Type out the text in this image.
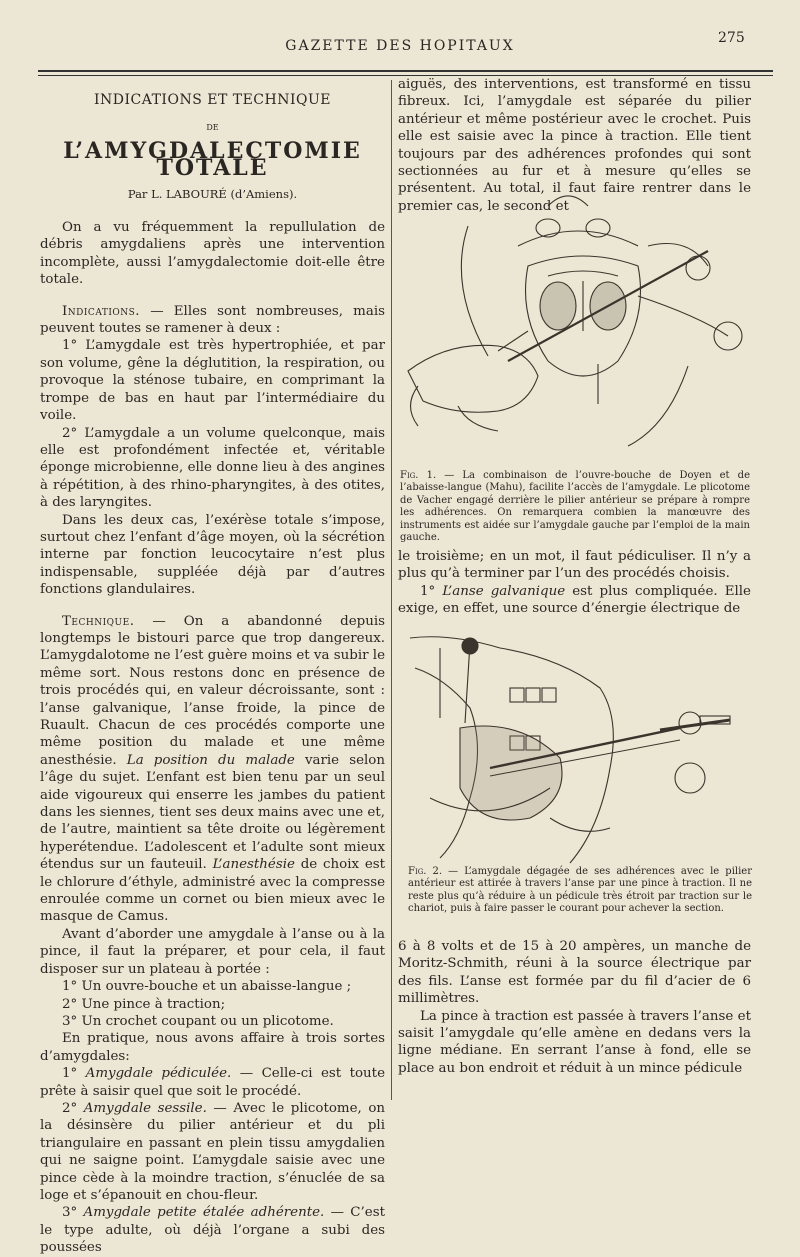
GAZETTE DES HOPITAUX	275

INDICATIONS ET TECHNIQUE

DE

L’AMYGDALECTOMIE TOTALE

Par L. LABOURÉ (d’Amiens).

On a vu fréquemment la repullulation de débris amygdaliens après une intervention incomplète, aussi l’amygdalectomie doit-elle être totale.

Indications. — Elles sont nombreuses, mais peuvent toutes se ramener à deux :

1° L’amygdale est très hypertrophiée, et par son volume, gêne la déglutition, la respiration, ou provoque la sténose tubaire, en comprimant la trompe de bas en haut par l’intermédiaire du voile.

2° L’amygdale a un volume quelconque, mais elle est profondément infectée et, véritable éponge microbienne, elle donne lieu à des angines à répétition, à des rhino-pharyngites, à des otites, à des laryngites.

Dans les deux cas, l’exérèse totale s’impose, surtout chez l’enfant d’âge moyen, où la sécrétion interne par fonction leucocytaire n’est plus indispensable, suppléée déjà par d’autres fonctions glandulaires.

Technique. — On a abandonné depuis longtemps le bistouri parce que trop dangereux. L’amygdalotome ne l’est guère moins et va subir le même sort. Nous restons donc en présence de trois procédés qui, en valeur décroissante, sont : l’anse galvanique, l’anse froide, la pince de Ruault. Chacun de ces procédés comporte une même position du malade et une même anesthésie. La position du malade varie selon l’âge du sujet. L’enfant est bien tenu par un seul aide vigoureux qui enserre les jambes du patient dans les siennes, tient ses deux mains avec une et, de l’autre, maintient sa tête droite ou légèrement hyperétendue. L’adolescent et l’adulte sont mieux étendus sur un fauteuil. L’anesthésie de choix est le chlorure d’éthyle, administré avec la compresse enroulée comme un cornet ou bien mieux avec le masque de Camus.

Avant d’aborder une amygdale à l’anse ou à la pince, il faut la préparer, et pour cela, il faut disposer sur un plateau à portée :

1° Un ouvre-bouche et un abaisse-langue ;

2° Une pince à traction;

3° Un crochet coupant ou un plicotome.

En pratique, nous avons affaire à trois sortes d’amygdales:

1° Amygdale pédiculée. — Celle-ci est toute prête à saisir quel que soit le procédé.

2° Amygdale sessile. — Avec le plicotome, on la désinsère du pilier antérieur et du pli triangulaire en passant en plein tissu amygdalien qui ne saigne point. L’amygdale saisie avec une pince cède à la moindre traction, s’énuclée de sa loge et s’épanouit en chou-fleur.

3° Amygdale petite étalée adhérente. — C’est le type adulte, où déjà l’organe a subi des poussées

aiguës, des interventions, est transformé en tissu fibreux. Ici, l’amygdale est séparée du pilier antérieur et même postérieur avec le crochet. Puis elle est saisie avec la pince à traction. Elle tient toujours par des adhérences profondes qui sont sectionnées au fur et à mesure qu’elles se présentent. Au total, il faut faire rentrer dans le premier cas, le second et

Fig. 1. — La combinaison de l’ouvre-bouche de Doyen et de l’abaisse-langue (Mahu), facilite l’accès de l’amygdale. Le plicotome de Vacher engagé derrière le pilier antérieur se prépare à rompre les adhérences. On remarquera combien la manœuvre des instruments est aidée sur l’amygdale gauche par l’emploi de la main gauche.

le troisième; en un mot, il faut pédiculiser. Il n’y a plus qu’à terminer par l’un des procédés choisis.

1° L’anse galvanique est plus compliquée. Elle exige, en effet, une source d’énergie électrique de

Fig. 2. — L’amygdale dégagée de ses adhérences avec le pilier antérieur est attirée à travers l’anse par une pince à traction. Il ne reste plus qu’à réduire à un pédicule très étroit par traction sur le chariot, puis à faire passer le courant pour achever la section.

6 à 8 volts et de 15 à 20 ampères, un manche de Moritz-Schmith, réuni à la source électrique par des fils. L’anse est formée par du fil d’acier de 6 millimètres.

La pince à traction est passée à travers l’anse et saisit l’amygdale qu’elle amène en dedans vers la ligne médiane. En serrant l’anse à fond, elle se place au bon endroit et réduit à un mince pédicule
